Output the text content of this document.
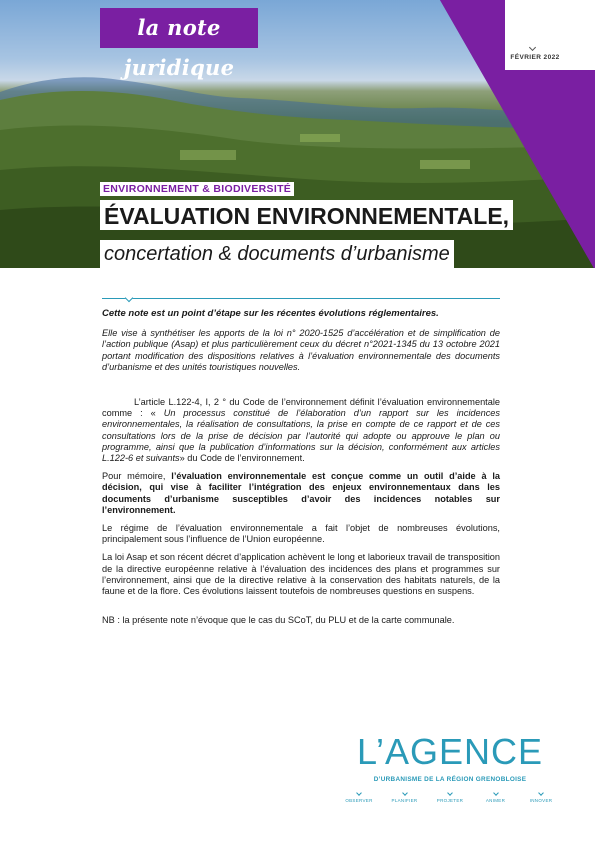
la note juridique	FÉVRIER 2022
ENVIRONNEMENT & BIODIVERSITÉ
ÉVALUATION ENVIRONNEMENTALE,
concertation & documents d’urbanisme
Cette note est un point d’étape sur les récentes évolutions réglementaires.
Elle vise à synthétiser les apports de la loi n° 2020-1525 d’accélération et de simplification de l’action publique (Asap) et plus particulièrement ceux du décret n°2021-1345 du 13 octobre 2021 portant modification des dispositions relatives à l’évaluation environnementale des documents d’urbanisme et des unités touristiques nouvelles.

L’article L.122-4, I, 2 ° du Code de l’environnement définit l’évaluation environnementale comme : « Un processus constitué de l’élaboration d’un rapport sur les incidences environnementales, la réalisation de consultations, la prise en compte de ce rapport et de ces consultations lors de la prise de décision par l’autorité qui adopte ou approuve le plan ou programme, ainsi que la publication d’informations sur la décision, conformément aux articles L.122-6 et suivants» du Code de l’environnement.

Pour mémoire, l’évaluation environnementale est conçue comme un outil d’aide à la décision, qui vise à faciliter l’intégration des enjeux environnementaux dans les documents d’urbanisme susceptibles d’avoir des incidences notables sur l’environnement.

Le régime de l’évaluation environnementale a fait l’objet de nombreuses évolutions, principalement sous l’influence de l’Union européenne.

La loi Asap et son récent décret d’application achèvent le long et laborieux travail de transposition de la directive européenne relative à l’évaluation des incidences des plans et programmes sur l’environnement, ainsi que de la directive relative à la conservation des habitats naturels, de la faune et de la flore. Ces évolutions laissent toutefois de nombreuses questions en suspens.

NB : la présente note n’évoque que le cas du SCoT, du PLU et de la carte communale.

L’AGENCE
D’URBANISME DE LA RÉGION GRENOBLOISE
OBSERVER	PLANIFIER	PROJETER	ANIMER	INNOVER
